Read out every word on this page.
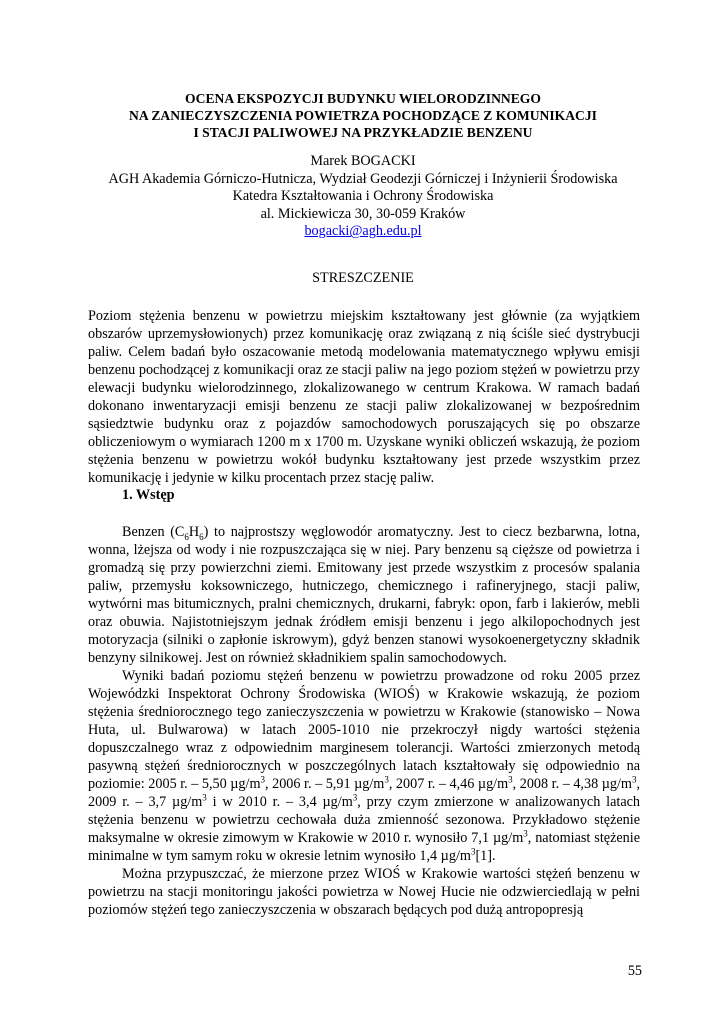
OCENA EKSPOZYCJI BUDYNKU WIELORODZINNEGO
NA ZANIECZYSZCZENIA POWIETRZA POCHODZĄCE Z KOMUNIKACJI
I STACJI PALIWOWEJ NA PRZYKŁADZIE BENZENU
Marek BOGACKI
AGH Akademia Górniczo-Hutnicza, Wydział Geodezji Górniczej i Inżynierii Środowiska
Katedra Kształtowania i Ochrony Środowiska
al. Mickiewicza 30, 30-059 Kraków
bogacki@agh.edu.pl
STRESZCZENIE
Poziom stężenia benzenu w powietrzu miejskim kształtowany jest głównie (za wyjątkiem obszarów uprzemysłowionych) przez komunikację oraz związaną z nią ściśle sieć dystrybucji paliw. Celem badań było oszacowanie metodą modelowania matematycznego wpływu emisji benzenu pochodzącej z komunikacji oraz ze stacji paliw na jego poziom stężeń w powietrzu przy elewacji budynku wielorodzinnego, zlokalizowanego w centrum Krakowa. W ramach badań dokonano inwentaryzacji emisji benzenu ze stacji paliw zlokalizowanej w bezpośrednim sąsiedztwie budynku oraz z pojazdów samochodowych poruszających się po obszarze obliczeniowym o wymiarach 1200 m x 1700 m. Uzyskane wyniki obliczeń wskazują, że poziom stężenia benzenu w powietrzu wokół budynku kształtowany jest przede wszystkim przez komunikację i jedynie w kilku procentach przez stację paliw.
1. Wstęp

Benzen $(C_6H_6)$ to najprostszy węglowodór aromatyczny. Jest to ciecz bezbarwna, lotna, wonna, lżejsza od wody i nie rozpuszczająca się w niej. Pary benzenu są cięższe od powietrza i gromadzą się przy powierzchni ziemi. Emitowany jest przede wszystkim z procesów spalania paliw, przemysłu koksowniczego, hutniczego, chemicznego i rafineryjnego, stacji paliw, wytwórni mas bitumicznych, pralni chemicznych, drukarni, fabryk: opon, farb i lakierów, mebli oraz obuwia. Najistotniejszym jednak źródłem emisji benzenu i jego alkilopochodnych jest motoryzacja (silniki o zapłonie iskrowym), gdyż benzen stanowi wysokoenergetyczny składnik benzyny silnikowej. Jest on również składnikiem spalin samochodowych.

Wyniki badań poziomu stężeń benzenu w powietrzu prowadzone od roku 2005 przez Wojewódzki Inspektorat Ochrony Środowiska (WIOŚ) w Krakowie wskazują, że poziom stężenia średniorocznego tego zanieczyszczenia w powietrzu w Krakowie (stanowisko – Nowa Huta, ul. Bulwarowa) w latach 2005-1010 nie przekroczył nigdy wartości stężenia dopuszczalnego wraz z odpowiednim marginesem tolerancji. Wartości zmierzonych metodą pasywną stężeń średniorocznych w poszczególnych latach kształtowały się odpowiednio na poziomie: 2005 r. – 5,50 $\mu g/m^3$, 2006 r. – 5,91 $\mu g/m^3$, 2007 r. – 4,46 $\mu g/m^3$, 2008 r. – 4,38 $\mu g/m^3$, 2009 r. – 3,7 $\mu g/m^3$ i w 2010 r. – 3,4 $\mu g/m^3$, przy czym zmierzone w analizowanych latach stężenia benzenu w powietrzu cechowała duża zmienność sezonowa. Przykładowo stężenie maksymalne w okresie zimowym w Krakowie w 2010 r. wynosiło 7,1 $\mu g/m^3$, natomiast stężenie minimalne w tym samym roku w okresie letnim wynosiło 1,4 $\mu g/m^3[1]$.

Można przypuszczać, że mierzone przez WIOŚ w Krakowie wartości stężeń benzenu w powietrzu na stacji monitoringu jakości powietrza w Nowej Hucie nie odzwierciedlają w pełni poziomów stężeń tego zanieczyszczenia w obszarach będących pod dużą antropopresją

55
